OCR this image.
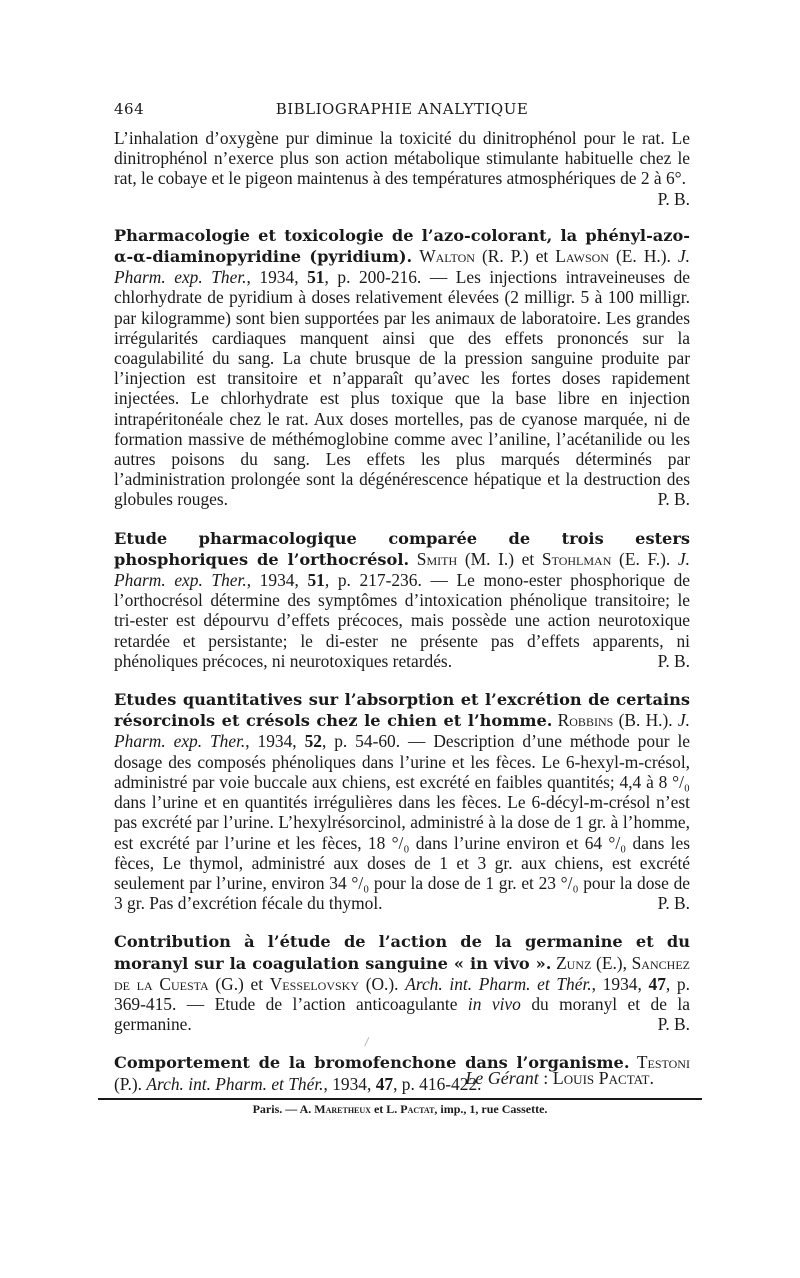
464	BIBLIOGRAPHIE ANALYTIQUE

L’inhalation d’oxygène pur diminue la toxicité du dinitrophénol pour le rat. Le dinitrophénol n’exerce plus son action métabolique stimulante habituelle chez le rat, le cobaye et le pigeon maintenus à des températures atmosphériques de 2 à 6°.
P. B.

Pharmacologie et toxicologie de l’azo-colorant, la phényl-azo-α-α-diaminopyridine (pyridium). Walton (R. P.) et Lawson (E. H.). J. Pharm. exp. Ther., 1934, 51, p. 200-216. — Les injections intraveineuses de chlorhydrate de pyridium à doses relativement élevées (2 milligr. 5 à 100 milligr. par kilogramme) sont bien supportées par les animaux de laboratoire. Les grandes irrégularités cardiaques manquent ainsi que des effets prononcés sur la coagulabilité du sang. La chute brusque de la pression sanguine produite par l’injection est transitoire et n’apparaît qu’avec les fortes doses rapidement injectées. Le chlorhydrate est plus toxique que la base libre en injection intrapéritonéale chez le rat. Aux doses mortelles, pas de cyanose marquée, ni de formation massive de méthémoglobine comme avec l’aniline, l’acétanilide ou les autres poisons du sang. Les effets les plus marqués déterminés par l’administration prolongée sont la dégénérescence hépatique et la destruction des globules rouges.	P. B.

Etude pharmacologique comparée de trois esters phosphoriques de l’orthocrésol. Smith (M. I.) et Stohlman (E. F.). J. Pharm. exp. Ther., 1934, 51, p. 217-236. — Le mono-ester phosphorique de l’orthocrésol détermine des symptômes d’intoxication phénolique transitoire; le tri-ester est dépourvu d’effets précoces, mais possède une action neurotoxique retardée et persistante; le di-ester ne présente pas d’effets apparents, ni phénoliques précoces, ni neurotoxiques retardés.	P. B.

Etudes quantitatives sur l’absorption et l’excrétion de certains résorcinols et crésols chez le chien et l’homme. Robbins (B. H.). J. Pharm. exp. Ther., 1934, 52, p. 54-60. — Description d’une méthode pour le dosage des composés phénoliques dans l’urine et les fèces. Le 6-hexyl-m-crésol, administré par voie buccale aux chiens, est excrété en faibles quantités; 4,4 à 8 °/₀ dans l’urine et en quantités irrégulières dans les fèces. Le 6-décyl-m-crésol n’est pas excrété par l’urine. L’hexylrésorcinol, administré à la dose de 1 gr. à l’homme, est excrété par l’urine et les fèces, 18 °/₀ dans l’urine environ et 64 °/₀ dans les fèces, Le thymol, administré aux doses de 1 et 3 gr. aux chiens, est excrété seulement par l’urine, environ 34 °/₀ pour la dose de 1 gr. et 23 °/₀ pour la dose de 3 gr. Pas d’excrétion fécale du thymol.	P. B.

Contribution à l’étude de l’action de la germanine et du moranyl sur la coagulation sanguine « in vivo ». Zunz (E.), Sanchez de la Cuesta (G.) et Vesselovsky (O.). Arch. int. Pharm. et Thér., 1934, 47, p. 369-415. — Etude de l’action anticoagulante in vivo du moranyl et de la germanine.	P. B.

Comportement de la bromofenchone dans l’organisme. Testoni (P.). Arch. int. Pharm. et Thér., 1934, 47, p. 416-422.

Le Gérant : Louis Pactat.
Paris. — A. Maretheux et L. Pactat, imp., 1, rue Cassette.
